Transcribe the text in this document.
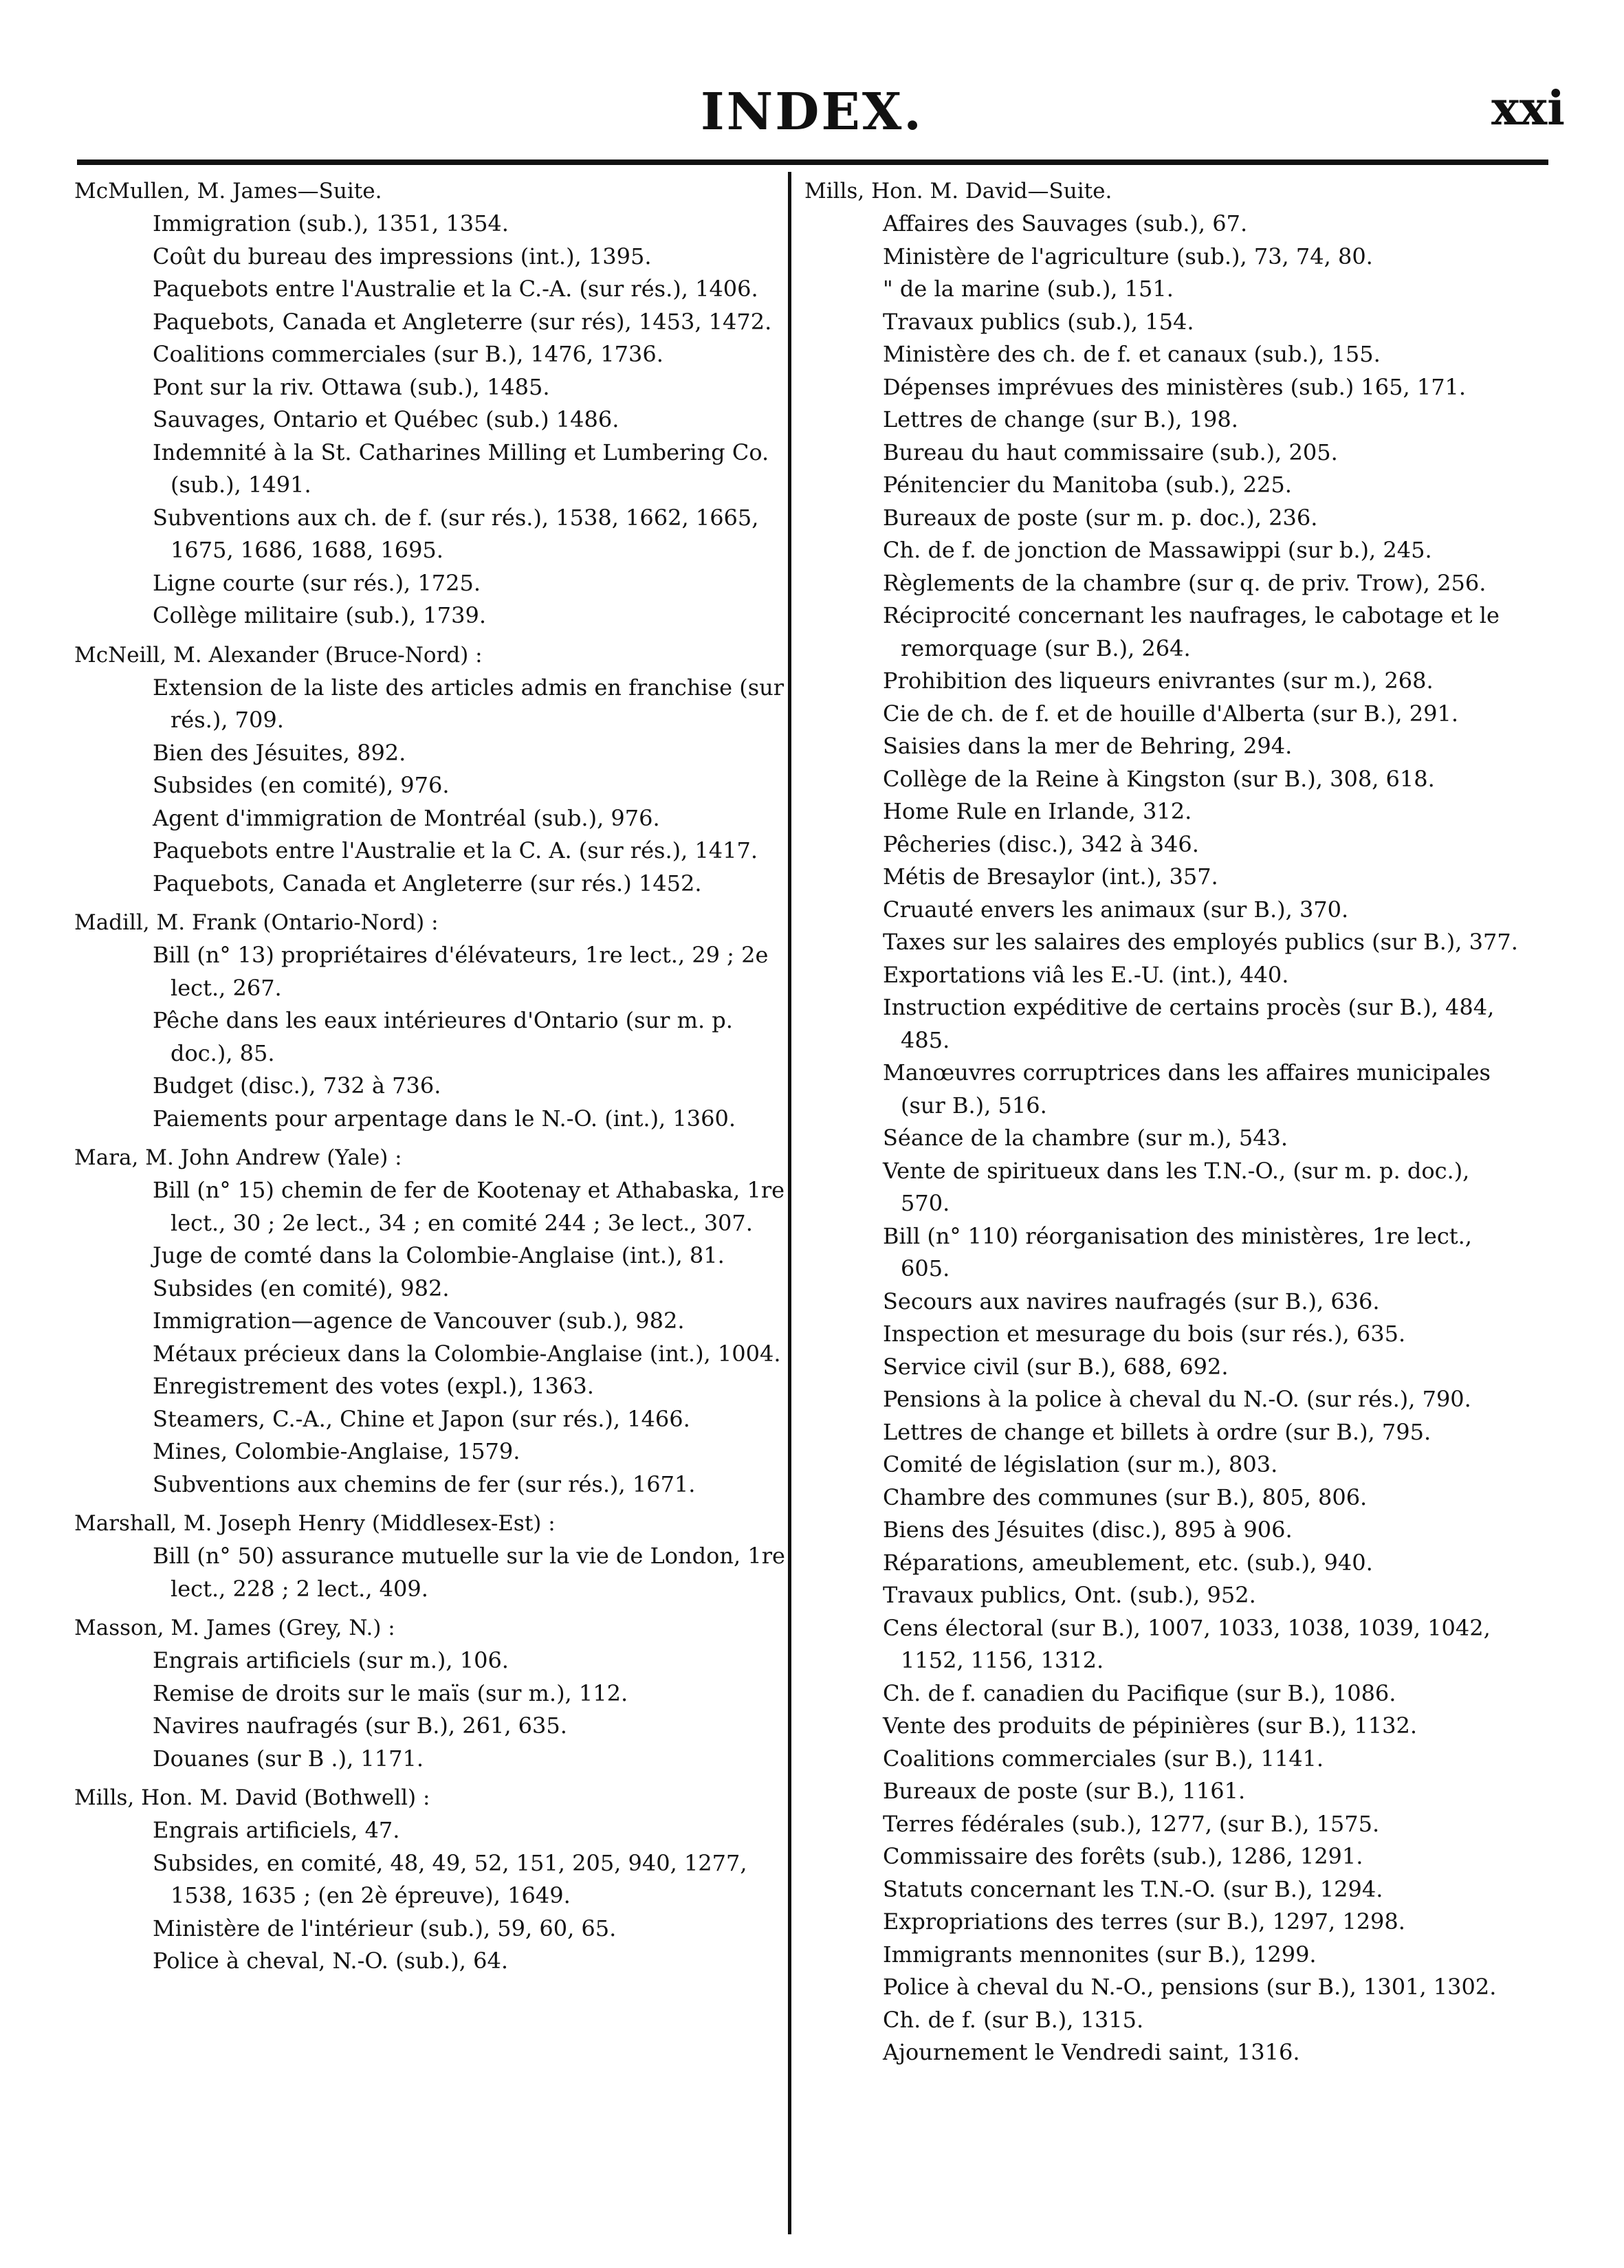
INDEX.	xxi
McMullen, M. James—Suite.
Immigration (sub.), 1351, 1354.
Coût du bureau des impressions (int.), 1395.
Paquebots entre l'Australie et la C.-A. (sur rés.), 1406.
Paquebots, Canada et Angleterre (sur rés), 1453, 1472.
Coalitions commerciales (sur B.), 1476, 1736.
Pont sur la riv. Ottawa (sub.), 1485.
Sauvages, Ontario et Québec (sub.) 1486.
Indemnité à la St. Catharines Milling et Lumbering Co. (sub.), 1491.
Subventions aux ch. de f. (sur rés.), 1538, 1662, 1665, 1675, 1686, 1688, 1695.
Ligne courte (sur rés.), 1725.
Collège militaire (sub.), 1739.
McNeill, M. Alexander (Bruce-Nord) :
Extension de la liste des articles admis en franchise (sur rés.), 709.
Bien des Jésuites, 892.
Subsides (en comité), 976.
Agent d'immigration de Montréal (sub.), 976.
Paquebots entre l'Australie et la C. A. (sur rés.), 1417.
Paquebots, Canada et Angleterre (sur rés.) 1452.
Madill, M. Frank (Ontario-Nord) :
Bill (n° 13) propriétaires d'élévateurs, 1re lect., 29 ; 2e lect., 267.
Pêche dans les eaux intérieures d'Ontario (sur m. p. doc.), 85.
Budget (disc.), 732 à 736.
Paiements pour arpentage dans le N.-O. (int.), 1360.
Mara, M. John Andrew (Yale) :
Bill (n° 15) chemin de fer de Kootenay et Athabaska, 1re lect., 30 ; 2e lect., 34 ; en comité 244 ; 3e lect., 307.
Juge de comté dans la Colombie-Anglaise (int.), 81.
Subsides (en comité), 982.
Immigration—agence de Vancouver (sub.), 982.
Métaux précieux dans la Colombie-Anglaise (int.), 1004.
Enregistrement des votes (expl.), 1363.
Steamers, C.-A., Chine et Japon (sur rés.), 1466.
Mines, Colombie-Anglaise, 1579.
Subventions aux chemins de fer (sur rés.), 1671.
Marshall, M. Joseph Henry (Middlesex-Est) :
Bill (n° 50) assurance mutuelle sur la vie de London, 1re lect., 228 ; 2 lect., 409.
Masson, M. James (Grey, N.) :
Engrais artificiels (sur m.), 106.
Remise de droits sur le maïs (sur m.), 112.
Navires naufragés (sur B.), 261, 635.
Douanes (sur B .), 1171.
Mills, Hon. M. David (Bothwell) :
Engrais artificiels, 47.
Subsides, en comité, 48, 49, 52, 151, 205, 940, 1277, 1538, 1635 ; (en 2è épreuve), 1649.
Ministère de l'intérieur (sub.), 59, 60, 65.
Police à cheval, N.-O. (sub.), 64.
Mills, Hon. M. David—Suite.
Affaires des Sauvages (sub.), 67.
Ministère de l'agriculture (sub.), 73, 74, 80.
" de la marine (sub.), 151.
Travaux publics (sub.), 154.
Ministère des ch. de f. et canaux (sub.), 155.
Dépenses imprévues des ministères (sub.) 165, 171.
Lettres de change (sur B.), 198.
Bureau du haut commissaire (sub.), 205.
Pénitencier du Manitoba (sub.), 225.
Bureaux de poste (sur m. p. doc.), 236.
Ch. de f. de jonction de Massawippi (sur b.), 245.
Règlements de la chambre (sur q. de priv. Trow), 256.
Réciprocité concernant les naufrages, le cabotage et le remorquage (sur B.), 264.
Prohibition des liqueurs enivrantes (sur m.), 268.
Cie de ch. de f. et de houille d'Alberta (sur B.), 291.
Saisies dans la mer de Behring, 294.
Collège de la Reine à Kingston (sur B.), 308, 618.
Home Rule en Irlande, 312.
Pêcheries (disc.), 342 à 346.
Métis de Bresaylor (int.), 357.
Cruauté envers les animaux (sur B.), 370.
Taxes sur les salaires des employés publics (sur B.), 377.
Exportations viâ les E.-U. (int.), 440.
Instruction expéditive de certains procès (sur B.), 484, 485.
Manœuvres corruptrices dans les affaires municipales (sur B.), 516.
Séance de la chambre (sur m.), 543.
Vente de spiritueux dans les T.N.-O., (sur m. p. doc.), 570.
Bill (n° 110) réorganisation des ministères, 1re lect., 605.
Secours aux navires naufragés (sur B.), 636.
Inspection et mesurage du bois (sur rés.), 635.
Service civil (sur B.), 688, 692.
Pensions à la police à cheval du N.-O. (sur rés.), 790.
Lettres de change et billets à ordre (sur B.), 795.
Comité de législation (sur m.), 803.
Chambre des communes (sur B.), 805, 806.
Biens des Jésuites (disc.), 895 à 906.
Réparations, ameublement, etc. (sub.), 940.
Travaux publics, Ont. (sub.), 952.
Cens électoral (sur B.), 1007, 1033, 1038, 1039, 1042, 1152, 1156, 1312.
Ch. de f. canadien du Pacifique (sur B.), 1086.
Vente des produits de pépinières (sur B.), 1132.
Coalitions commerciales (sur B.), 1141.
Bureaux de poste (sur B.), 1161.
Terres fédérales (sub.), 1277, (sur B.), 1575.
Commissaire des forêts (sub.), 1286, 1291.
Statuts concernant les T.N.-O. (sur B.), 1294.
Expropriations des terres (sur B.), 1297, 1298.
Immigrants mennonites (sur B.), 1299.
Police à cheval du N.-O., pensions (sur B.), 1301, 1302.
Ch. de f. (sur B.), 1315.
Ajournement le Vendredi saint, 1316.
